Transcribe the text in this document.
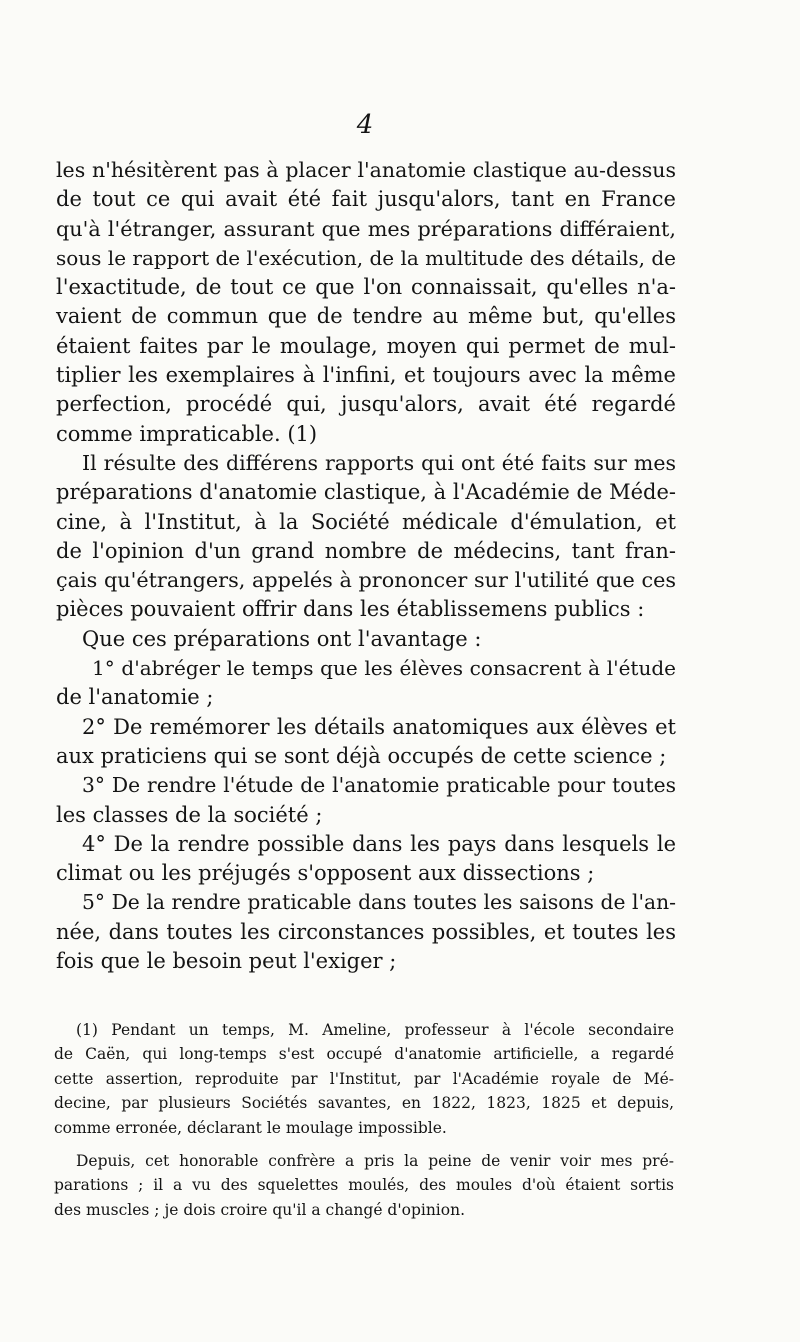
4
les n'hésitèrent pas à placer l'anatomie clastique au-dessus
de tout ce qui avait été fait jusqu'alors, tant en France
qu'à l'étranger, assurant que mes préparations différaient,
sous le rapport de l'exécution, de la multitude des détails, de
l'exactitude, de tout ce que l'on connaissait, qu'elles n'a-
vaient de commun que de tendre au même but, qu'elles
étaient faites par le moulage, moyen qui permet de mul-
tiplier les exemplaires à l'infini, et toujours avec la même
perfection, procédé qui, jusqu'alors, avait été regardé
comme impraticable. (1)
Il résulte des différens rapports qui ont été faits sur mes
préparations d'anatomie clastique, à l'Académie de Méde-
cine, à l'Institut, à la Société médicale d'émulation, et
de l'opinion d'un grand nombre de médecins, tant fran-
çais qu'étrangers, appelés à prononcer sur l'utilité que ces
pièces pouvaient offrir dans les établissemens publics :
Que ces préparations ont l'avantage :
1° d'abréger le temps que les élèves consacrent à l'étude
de l'anatomie ;
2° De remémorer les détails anatomiques aux élèves et
aux praticiens qui se sont déjà occupés de cette science ;
3° De rendre l'étude de l'anatomie praticable pour toutes
les classes de la société ;
4° De la rendre possible dans les pays dans lesquels le
climat ou les préjugés s'opposent aux dissections ;
5° De la rendre praticable dans toutes les saisons de l'an-
née, dans toutes les circonstances possibles, et toutes les
fois que le besoin peut l'exiger ;
(1) Pendant un temps, M. Ameline, professeur à l'école secondaire
de Caën, qui long-temps s'est occupé d'anatomie artificielle, a regardé
cette assertion, reproduite par l'Institut, par l'Académie royale de Mé-
decine, par plusieurs Sociétés savantes, en 1822, 1823, 1825 et depuis,
comme erronée, déclarant le moulage impossible.
Depuis, cet honorable confrère a pris la peine de venir voir mes pré-
parations ; il a vu des squelettes moulés, des moules d'où étaient sortis
des muscles ; je dois croire qu'il a changé d'opinion.
